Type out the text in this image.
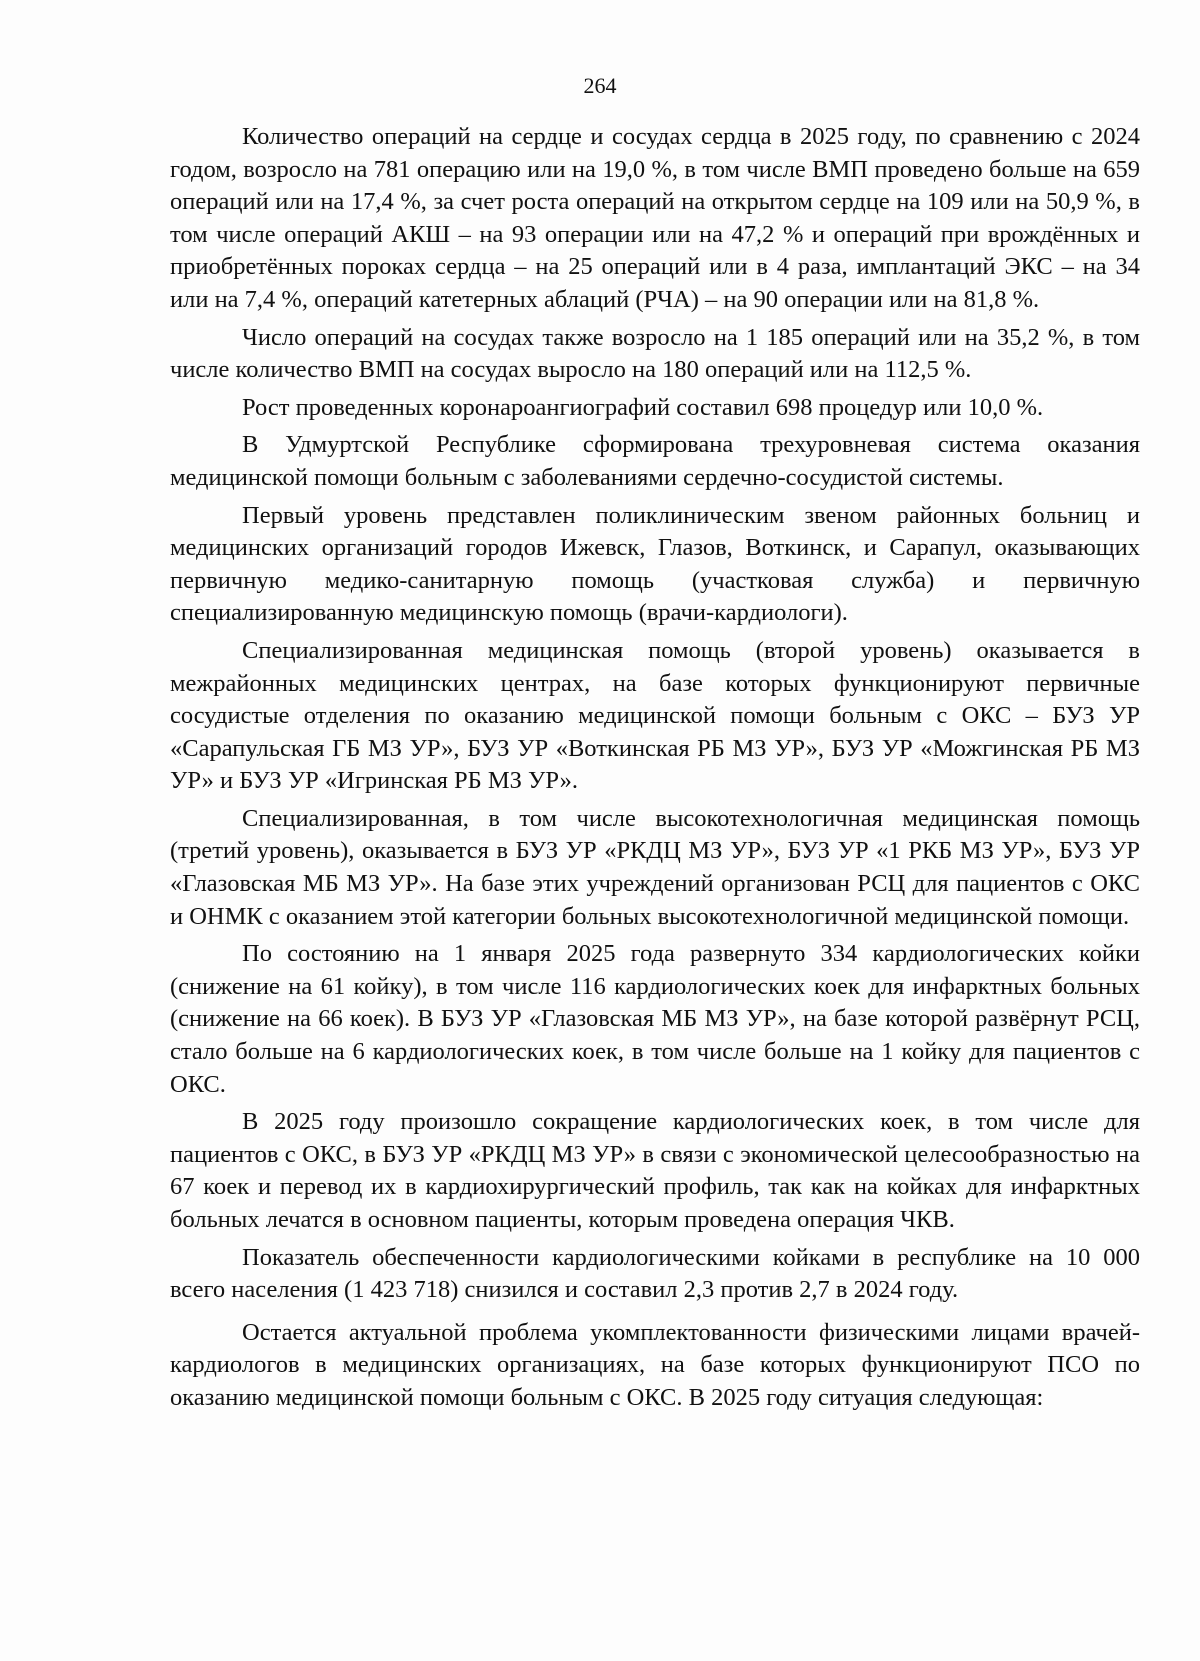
264

Количество операций на сердце и сосудах сердца в 2025 году, по сравнению с 2024 годом, возросло на 781 операцию или на 19,0 %, в том числе ВМП проведено больше на 659 операций или на 17,4 %, за счет роста операций на открытом сердце на 109 или на 50,9 %, в том числе операций АКШ – на 93 операции или на 47,2 % и операций при врождённых и приобретённых пороках сердца – на 25 операций или в 4 раза, имплантаций ЭКС – на 34 или на 7,4 %, операций катетерных аблаций (РЧА) – на 90 операции или на 81,8 %.

Число операций на сосудах также возросло на 1 185 операций или на 35,2 %, в том числе количество ВМП на сосудах выросло на 180 операций или на 112,5 %.

Рост проведенных коронароангиографий составил 698 процедур или 10,0 %.

В Удмуртской Республике сформирована трехуровневая система оказания медицинской помощи больным с заболеваниями сердечно-сосудистой системы.

Первый уровень представлен поликлиническим звеном районных больниц и медицинских организаций городов Ижевск, Глазов, Воткинск, и Сарапул, оказывающих первичную медико-санитарную помощь (участковая служба) и первичную специализированную медицинскую помощь (врачи-кардиологи).

Специализированная медицинская помощь (второй уровень) оказывается в межрайонных медицинских центрах, на базе которых функционируют первичные сосудистые отделения по оказанию медицинской помощи больным с ОКС – БУЗ УР «Сарапульская ГБ МЗ УР», БУЗ УР «Воткинская РБ МЗ УР», БУЗ УР «Можгинская РБ МЗ УР» и БУЗ УР «Игринская РБ МЗ УР».

Специализированная, в том числе высокотехнологичная медицинская помощь (третий уровень), оказывается в БУЗ УР «РКДЦ МЗ УР», БУЗ УР «1 РКБ МЗ УР», БУЗ УР «Глазовская МБ МЗ УР». На базе этих учреждений организован РСЦ для пациентов с ОКС и ОНМК с оказанием этой категории больных высокотехнологичной медицинской помощи.

По состоянию на 1 января 2025 года развернуто 334 кардиологических койки (снижение на 61 койку), в том числе 116 кардиологических коек для инфарктных больных (снижение на 66 коек). В БУЗ УР «Глазовская МБ МЗ УР», на базе которой развёрнут РСЦ, стало больше на 6 кардиологических коек, в том числе больше на 1 койку для пациентов с ОКС.

В 2025 году произошло сокращение кардиологических коек, в том числе для пациентов с ОКС, в БУЗ УР «РКДЦ МЗ УР» в связи с экономической целесообразностью на 67 коек и перевод их в кардиохирургический профиль, так как на койках для инфарктных больных лечатся в основном пациенты, которым проведена операция ЧКВ.

Показатель обеспеченности кардиологическими койками в республике на 10 000 всего населения (1 423 718) снизился и составил 2,3 против 2,7 в 2024 году.

Остается актуальной проблема укомплектованности физическими лицами врачей-кардиологов в медицинских организациях, на базе которых функционируют ПСО по оказанию медицинской помощи больным с ОКС. В 2025 году ситуация следующая:
